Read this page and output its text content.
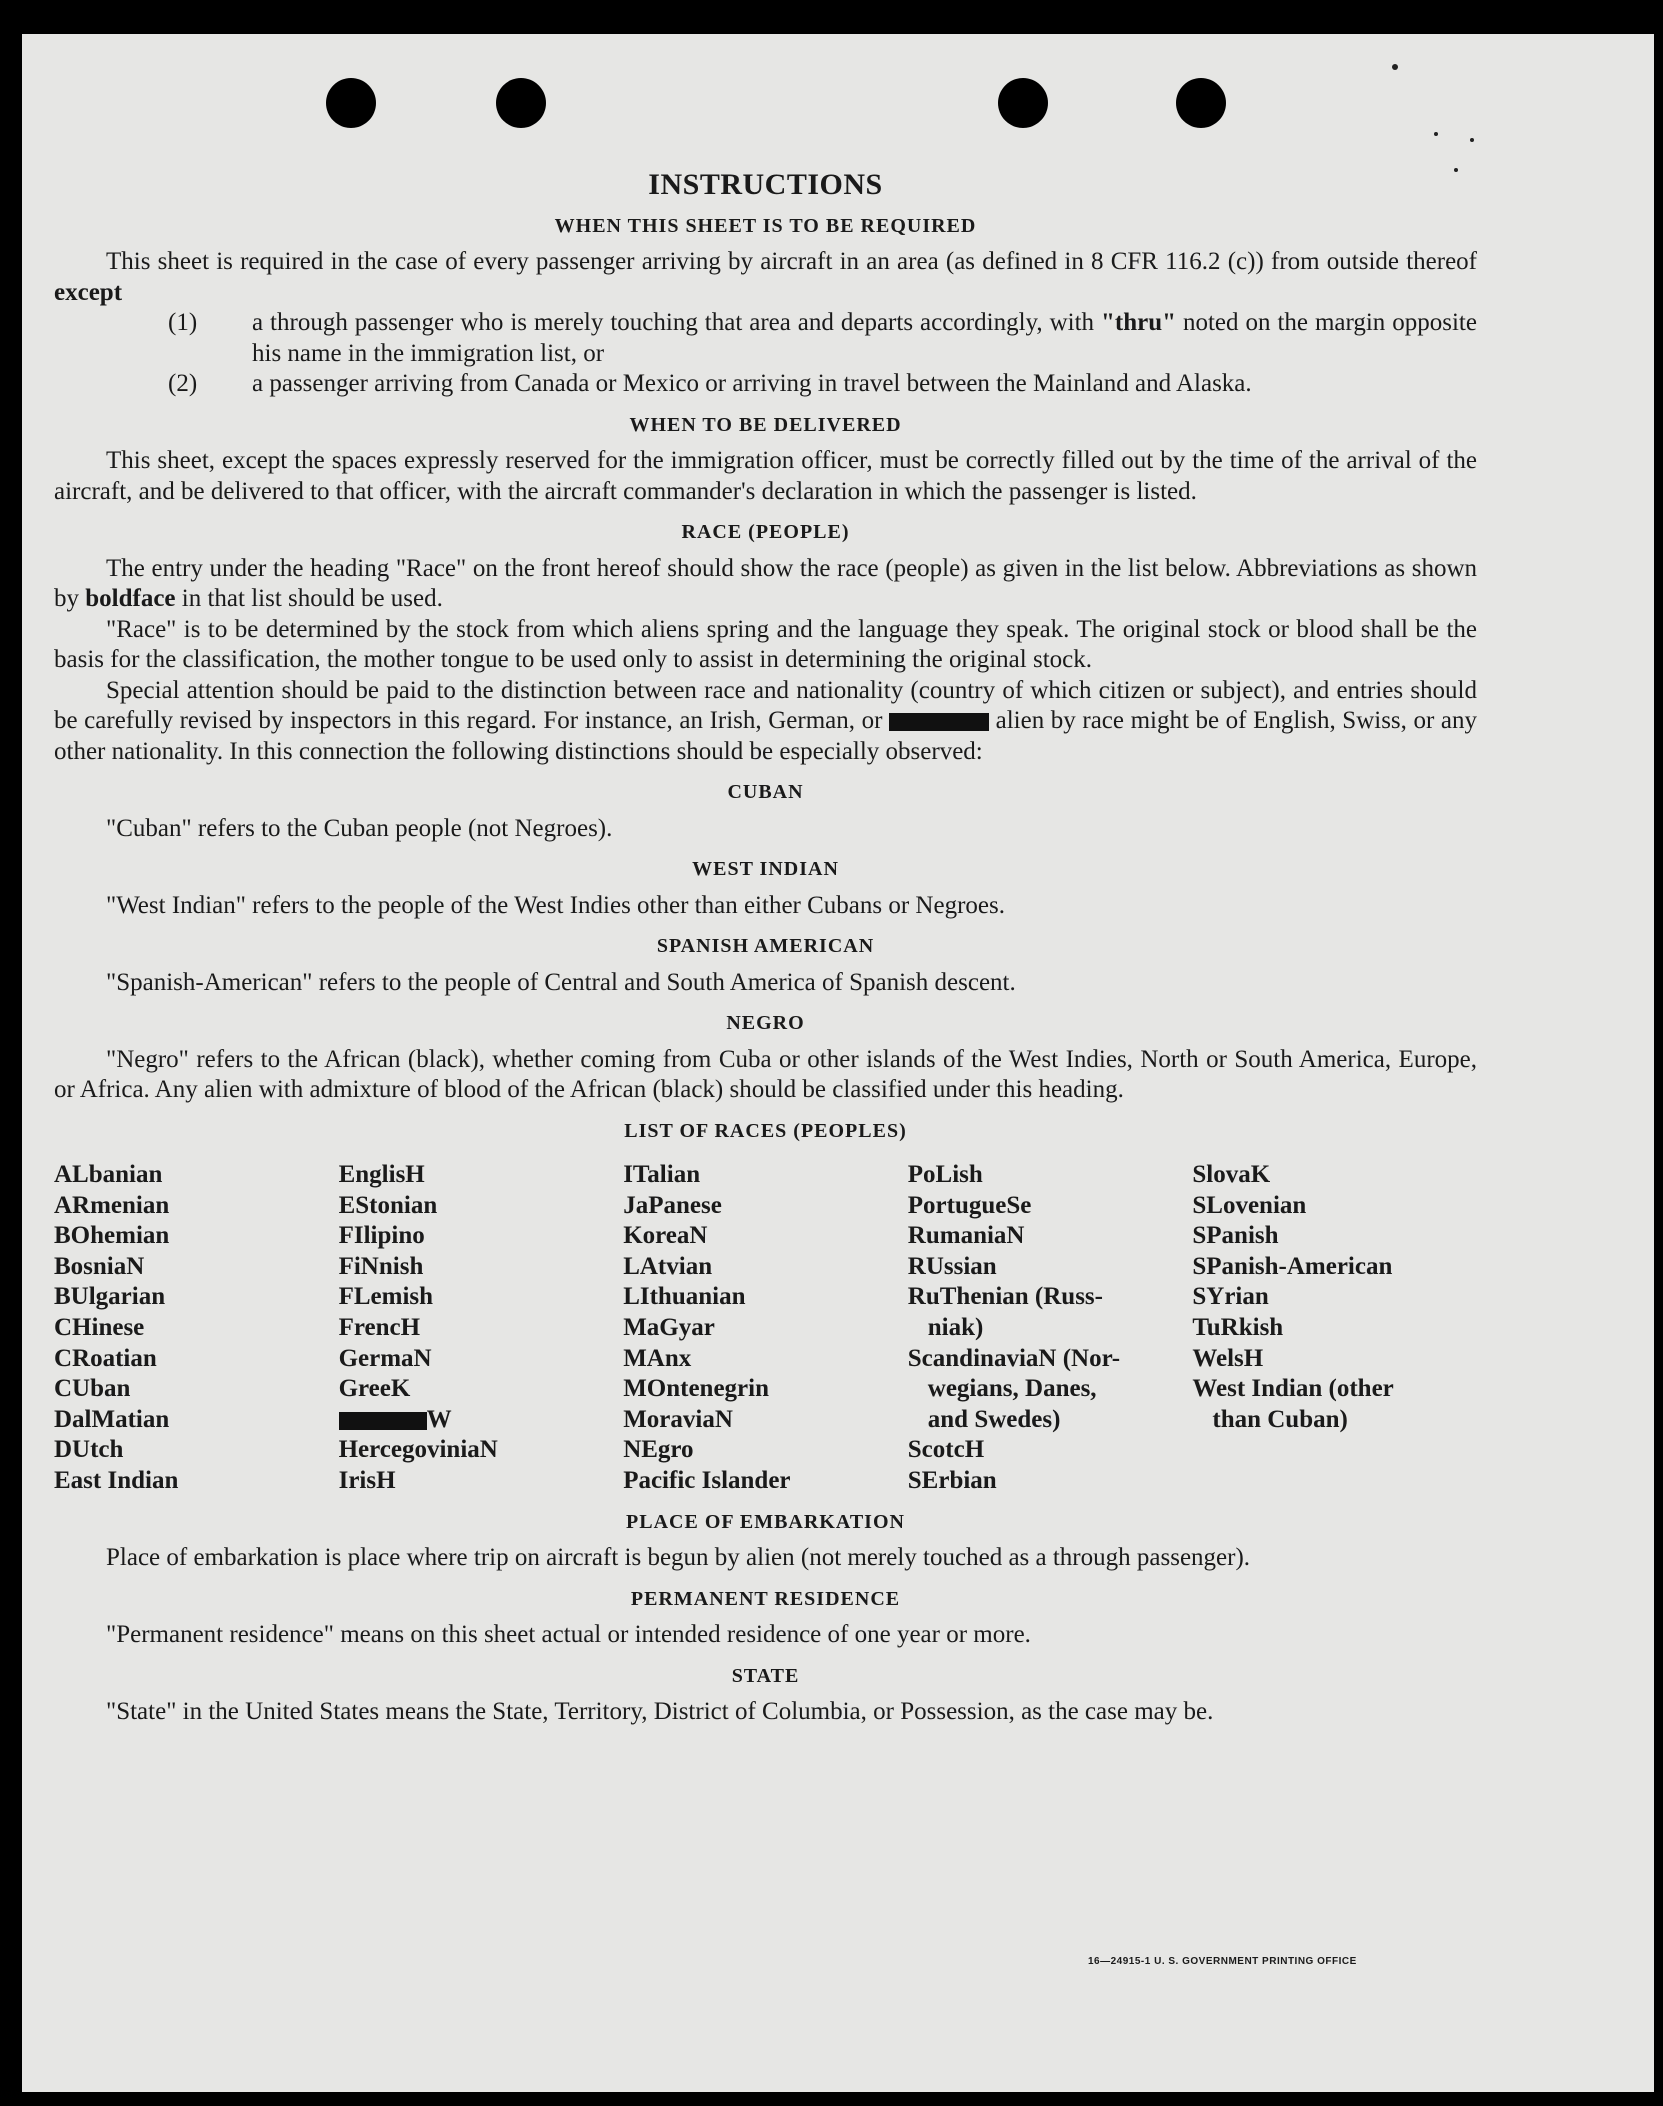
INSTRUCTIONS
WHEN THIS SHEET IS TO BE REQUIRED

This sheet is required in the case of every passenger arriving by aircraft in an area (as defined in 8 CFR 116.2 (c)) from outside thereof except

(1) a through passenger who is merely touching that area and departs accordingly, with "thru" noted on the margin opposite his name in the immigration list, or
(2) a passenger arriving from Canada or Mexico or arriving in travel between the Mainland and Alaska.
WHEN TO BE DELIVERED

This sheet, except the spaces expressly reserved for the immigration officer, must be correctly filled out by the time of the arrival of the aircraft, and be delivered to that officer, with the aircraft commander's declaration in which the passenger is listed.

RACE (PEOPLE)

The entry under the heading "Race" on the front hereof should show the race (people) as given in the list below. Abbreviations as shown by boldface in that list should be used.

"Race" is to be determined by the stock from which aliens spring and the language they speak. The original stock or blood shall be the basis for the classification, the mother tongue to be used only to assist in determining the original stock.

Special attention should be paid to the distinction between race and nationality (country of which citizen or subject), and entries should be carefully revised by inspectors in this regard. For instance, an Irish, German, or	alien by race might be of English, Swiss, or any other nationality. In this connection the following distinctions should be especially observed:

CUBAN
"Cuban" refers to the Cuban people (not Negroes).
WEST INDIAN
"West Indian" refers to the people of the West Indies other than either Cubans or Negroes.
SPANISH AMERICAN
"Spanish-American" refers to the people of Central and South America of Spanish descent.
NEGRO

"Negro" refers to the African (black), whether coming from Cuba or other islands of the West Indies, North or South America, Europe, or Africa. Any alien with admixture of blood of the African (black) should be classified under this heading.

LIST OF RACES (PEOPLES)
ALbanian
ARmenian
BOhemian
BosniaN
BUlgarian
CHinese
CRoatian
CUban
DalMatian
DUtch
East Indian
EnglisH
EStonian
FIlipino
FiNnish
FLemish
FrencH
GermaN
GreeK
W
HercegoviniaN
IrisH
ITalian
JaPanese
KoreaN
LAtvian
LIthuanian
MaGyar
MAnx
MOntenegrin
MoraviaN
NEgro
Pacific Islander
PoLish
PortugueSe
RumaniaN
RUssian
RuThenian (Russ-
niak)
ScandinaviaN (Nor-
wegians, Danes,
and Swedes)
ScotcH
SErbian
SlovaK
SLovenian
SPanish
SPanish-American
SYrian
TuRkish
WelsH
West Indian (other
than Cuban)
PLACE OF EMBARKATION

Place of embarkation is place where trip on aircraft is begun by alien (not merely touched as a through passenger).

PERMANENT RESIDENCE
"Permanent residence" means on this sheet actual or intended residence of one year or more.
STATE

"State" in the United States means the State, Territory, District of Columbia, or Possession, as the case may be.

16—24915-1 U. S. GOVERNMENT PRINTING OFFICE
